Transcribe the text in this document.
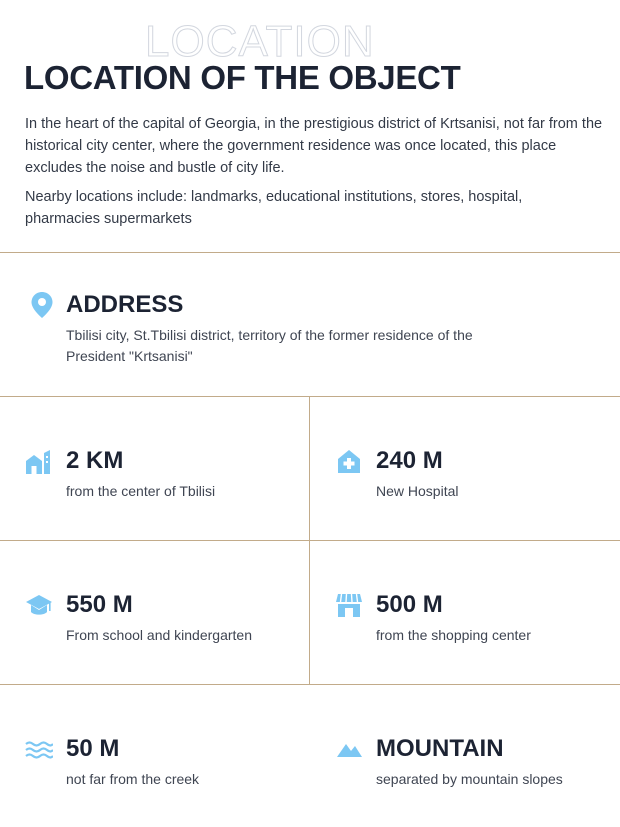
LOCATION
LOCATION OF THE OBJECT

In the heart of the capital of Georgia, in the prestigious district of Krtsanisi, not far from the historical city center, where the government residence was once located, this place excludes the noise and bustle of city life.

Nearby locations include: landmarks, educational institutions, stores, hospital, pharmacies supermarkets

ADDRESS
Tbilisi city, St.Tbilisi district, territory of the former residence of the President "Krtsanisi"
2 KM
from the center of Tbilisi
240 M
New Hospital
550 M
From school and kindergarten
500 M
from the shopping center
50 M
not far from the creek
MOUNTAIN
separated by mountain slopes
